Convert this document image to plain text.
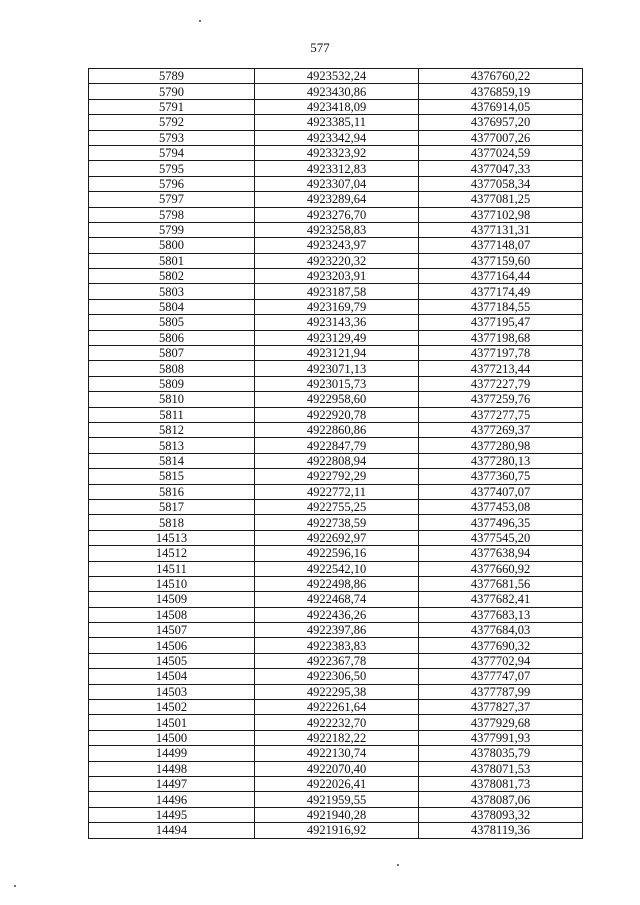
577
5789	4923532,24	4376760,22
5790	4923430,86	4376859,19
5791	4923418,09	4376914,05
5792	4923385,11	4376957,20
5793	4923342,94	4377007,26
5794	4923323,92	4377024,59
5795	4923312,83	4377047,33
5796	4923307,04	4377058,34
5797	4923289,64	4377081,25
5798	4923276,70	4377102,98
5799	4923258,83	4377131,31
5800	4923243,97	4377148,07
5801	4923220,32	4377159,60
5802	4923203,91	4377164,44
5803	4923187,58	4377174,49
5804	4923169,79	4377184,55
5805	4923143,36	4377195,47
5806	4923129,49	4377198,68
5807	4923121,94	4377197,78
5808	4923071,13	4377213,44
5809	4923015,73	4377227,79
5810	4922958,60	4377259,76
5811	4922920,78	4377277,75
5812	4922860,86	4377269,37
5813	4922847,79	4377280,98
5814	4922808,94	4377280,13
5815	4922792,29	4377360,75
5816	4922772,11	4377407,07
5817	4922755,25	4377453,08
5818	4922738,59	4377496,35
14513	4922692,97	4377545,20
14512	4922596,16	4377638,94
14511	4922542,10	4377660,92
14510	4922498,86	4377681,56
14509	4922468,74	4377682,41
14508	4922436,26	4377683,13
14507	4922397,86	4377684,03
14506	4922383,83	4377690,32
14505	4922367,78	4377702,94
14504	4922306,50	4377747,07
14503	4922295,38	4377787,99
14502	4922261,64	4377827,37
14501	4922232,70	4377929,68
14500	4922182,22	4377991,93
14499	4922130,74	4378035,79
14498	4922070,40	4378071,53
14497	4922026,41	4378081,73
14496	4921959,55	4378087,06
14495	4921940,28	4378093,32
14494	4921916,92	4378119,36
